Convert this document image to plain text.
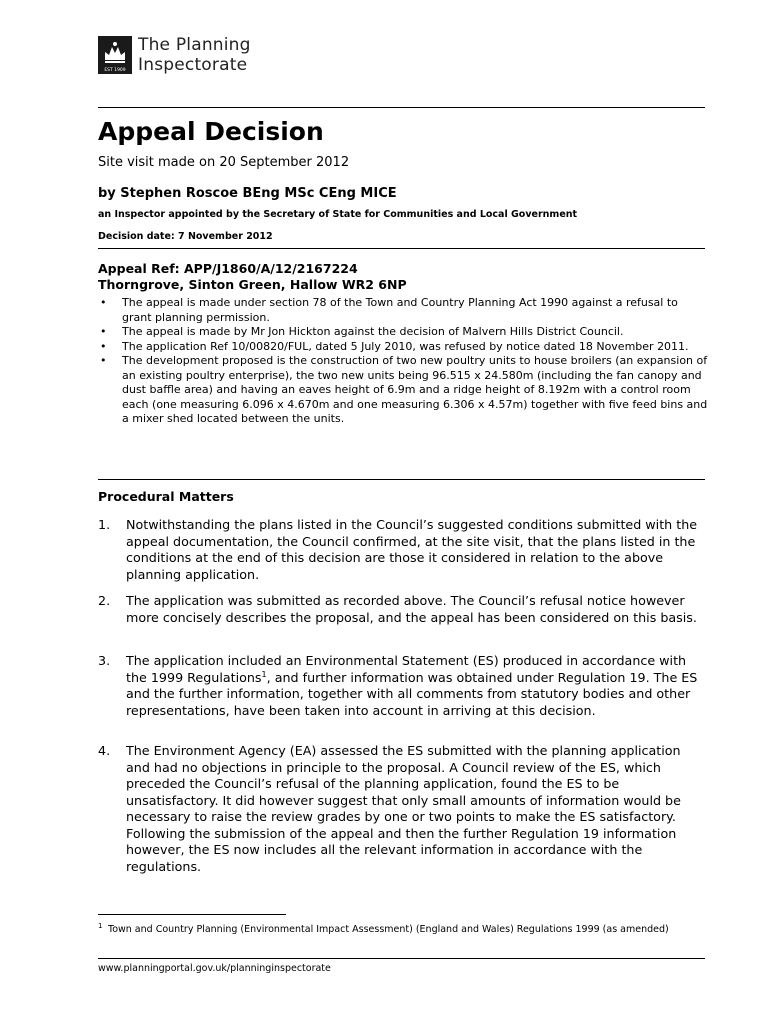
EST 1909
The Planning
Inspectorate
Appeal Decision
Site visit made on 20 September 2012
by Stephen Roscoe BEng MSc CEng MICE
an Inspector appointed by the Secretary of State for Communities and Local Government
Decision date: 7 November 2012
Appeal Ref: APP/J1860/A/12/2167224
Thorngrove, Sinton Green, Hallow WR2 6NP
• The appeal is made under section 78 of the Town and Country Planning Act 1990 against a refusal to grant planning permission.
• The appeal is made by Mr Jon Hickton against the decision of Malvern Hills District Council.
• The application Ref 10/00820/FUL, dated 5 July 2010, was refused by notice dated 18 November 2011.
• The development proposed is the construction of two new poultry units to house broilers (an expansion of an existing poultry enterprise), the two new units being 96.515 x 24.580m (including the fan canopy and dust baffle area) and having an eaves height of 6.9m and a ridge height of 8.192m with a control room each (one measuring 6.096 x 4.670m and one measuring 6.306 x 4.57m) together with five feed bins and a mixer shed located between the units.
Procedural Matters
1. Notwithstanding the plans listed in the Council’s suggested conditions submitted with the appeal documentation, the Council confirmed, at the site visit, that the plans listed in the conditions at the end of this decision are those it considered in relation to the above planning application.
2. The application was submitted as recorded above. The Council’s refusal notice however more concisely describes the proposal, and the appeal has been considered on this basis.
3. The application included an Environmental Statement (ES) produced in accordance with the 1999 Regulations$^1$, and further information was obtained under Regulation 19. The ES and the further information, together with all comments from statutory bodies and other representations, have been taken into account in arriving at this decision.
4. The Environment Agency (EA) assessed the ES submitted with the planning application and had no objections in principle to the proposal. A Council review of the ES, which preceded the Council’s refusal of the planning application, found the ES to be unsatisfactory. It did however suggest that only small amounts of information would be necessary to raise the review grades by one or two points to make the ES satisfactory. Following the submission of the appeal and then the further Regulation 19 information however, the ES now includes all the relevant information in accordance with the regulations.
1 Town and Country Planning (Environmental Impact Assessment) (England and Wales) Regulations 1999 (as amended)
www.planningportal.gov.uk/planninginspectorate
